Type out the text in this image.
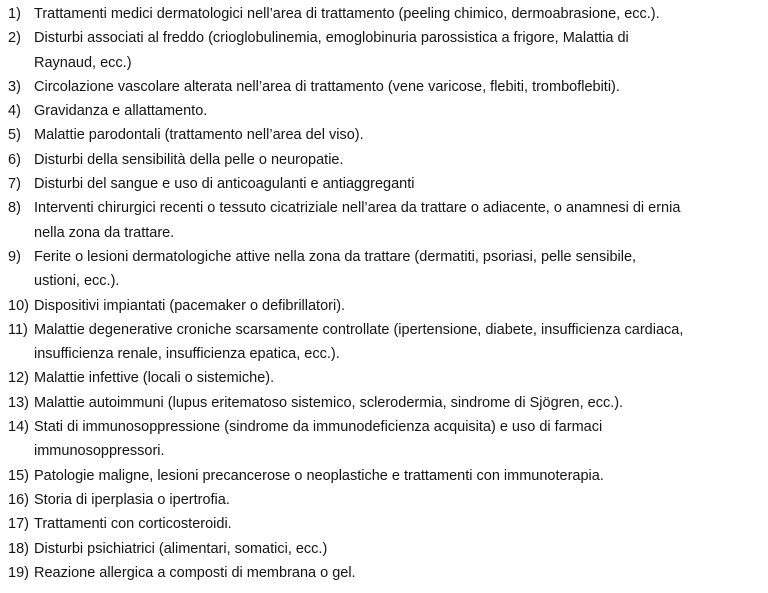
1) Trattamenti medici dermatologici nell’area di trattamento (peeling chimico, dermoabrasione, ecc.).
2) Disturbi associati al freddo (crioglobulinemia, emoglobinuria parossistica a frigore, Malattia di
Raynaud, ecc.)
3) Circolazione vascolare alterata nell’area di trattamento (vene varicose, flebiti, tromboflebiti).
4) Gravidanza e allattamento.
5) Malattie parodontali (trattamento nell’area del viso).
6) Disturbi della sensibilità della pelle o neuropatie.
7) Disturbi del sangue e uso di anticoagulanti e antiaggreganti
8) Interventi chirurgici recenti o tessuto cicatriziale nell’area da trattare o adiacente, o anamnesi di ernia
nella zona da trattare.
9) Ferite o lesioni dermatologiche attive nella zona da trattare (dermatiti, psoriasi, pelle sensibile,
ustioni, ecc.).
10) Dispositivi impiantati (pacemaker o defibrillatori).
11) Malattie degenerative croniche scarsamente controllate (ipertensione, diabete, insufficienza cardiaca,
insufficienza renale, insufficienza epatica, ecc.).
12) Malattie infettive (locali o sistemiche).
13) Malattie autoimmuni (lupus eritematoso sistemico, sclerodermia, sindrome di Sjögren, ecc.).
14) Stati di immunosoppressione (sindrome da immunodeficienza acquisita) e uso di farmaci
immunosoppressori.
15) Patologie maligne, lesioni precancerose o neoplastiche e trattamenti con immunoterapia.
16) Storia di iperplasia o ipertrofia.
17) Trattamenti con corticosteroidi.
18) Disturbi psichiatrici (alimentari, somatici, ecc.)
19) Reazione allergica a composti di membrana o gel.
